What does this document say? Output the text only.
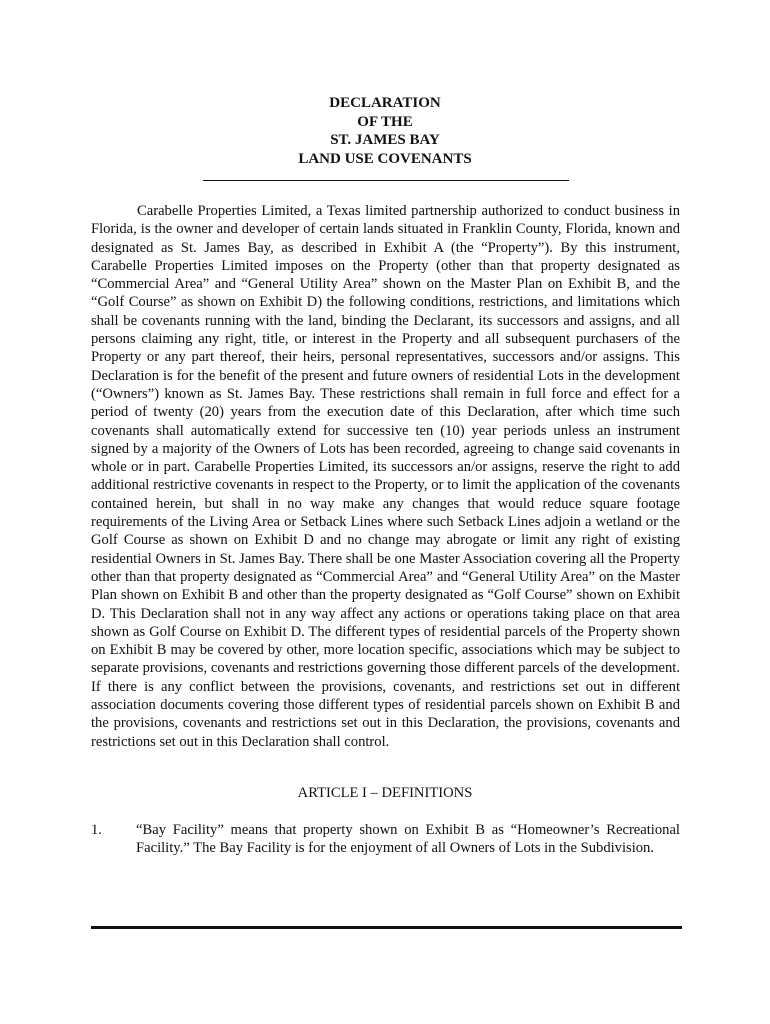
DECLARATION
OF THE
ST. JAMES BAY
LAND USE COVENANTS

Carabelle Properties Limited, a Texas limited partnership authorized to conduct business in Florida, is the owner and developer of certain lands situated in Franklin County, Florida, known and designated as St. James Bay, as described in Exhibit A (the “Property”). By this instrument, Carabelle Properties Limited imposes on the Property (other than that property designated as “Commercial Area” and “General Utility Area” shown on the Master Plan on Exhibit B, and the “Golf Course” as shown on Exhibit D) the following conditions, restrictions, and limitations which shall be covenants running with the land, binding the Declarant, its successors and assigns, and all persons claiming any right, title, or interest in the Property and all subsequent purchasers of the Property or any part thereof, their heirs, personal representatives, successors and/or assigns. This Declaration is for the benefit of the present and future owners of residential Lots in the development (“Owners”) known as St. James Bay. These restrictions shall remain in full force and effect for a period of twenty (20) years from the execution date of this Declaration, after which time such covenants shall automatically extend for successive ten (10) year periods unless an instrument signed by a majority of the Owners of Lots has been recorded, agreeing to change said covenants in whole or in part. Carabelle Properties Limited, its successors an/or assigns, reserve the right to add additional restrictive covenants in respect to the Property, or to limit the application of the covenants contained herein, but shall in no way make any changes that would reduce square footage requirements of the Living Area or Setback Lines where such Setback Lines adjoin a wetland or the Golf Course as shown on Exhibit D and no change may abrogate or limit any right of existing residential Owners in St. James Bay. There shall be one Master Association covering all the Property other than that property designated as “Commercial Area” and “General Utility Area” on the Master Plan shown on Exhibit B and other than the property designated as “Golf Course” shown on Exhibit D. This Declaration shall not in any way affect any actions or operations taking place on that area shown as Golf Course on Exhibit D. The different types of residential parcels of the Property shown on Exhibit B may be covered by other, more location specific, associations which may be subject to separate provisions, covenants and restrictions governing those different parcels of the development. If there is any conflict between the provisions, covenants, and restrictions set out in different association documents covering those different types of residential parcels shown on Exhibit B and the provisions, covenants and restrictions set out in this Declaration, the provisions, covenants and restrictions set out in this Declaration shall control.

ARTICLE I – DEFINITIONS

1.	“Bay Facility” means that property shown on Exhibit B as “Homeowner’s Recreational Facility.” The Bay Facility is for the enjoyment of all Owners of Lots in the Subdivision.
